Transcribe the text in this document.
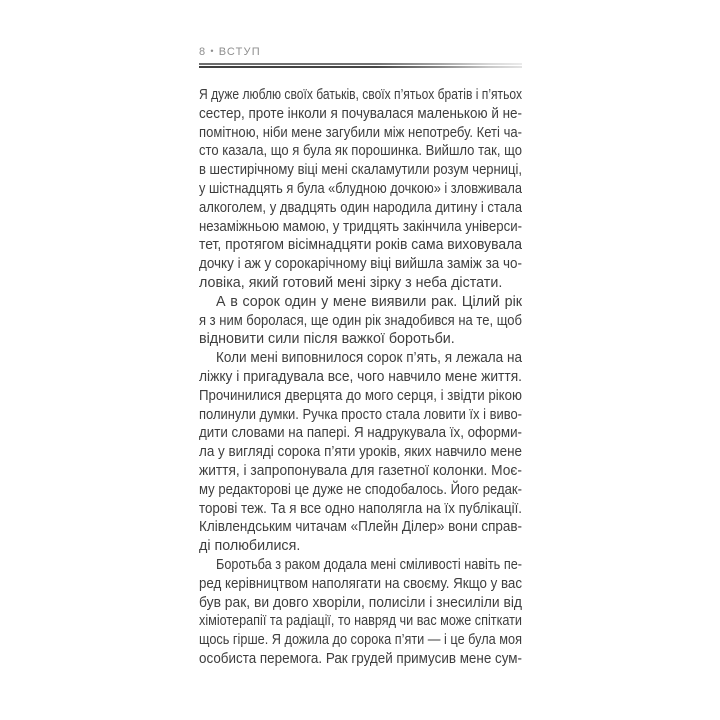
8 • ВСТУП
Я дуже люблю своїх батьків, своїх п’ятьох братів і п’ятьох
сестер, проте інколи я почувалася маленькою й не-
помітною, ніби мене загубили між непотребу. Кеті ча-
сто казала, що я була як порошинка. Вийшло так, що
в шестирічному віці мені скаламутили розум черниці,
у шістнадцять я була «блудною дочкою» і зловживала
алкоголем, у двадцять один народила дитину і стала
незаміжньою мамою, у тридцять закінчила універси-
тет, протягом вісімнадцяти років сама виховувала
дочку і аж у сорокарічному віці вийшла заміж за чо-
ловіка, який готовий мені зірку з неба дістати.
А в сорок один у мене виявили рак. Цілий рік
я з ним боролася, ще один рік знадобився на те, щоб
відновити сили після важкої боротьби.
Коли мені виповнилося сорок п’ять, я лежала на
ліжку і пригадувала все, чого навчило мене життя.
Прочинилися дверцята до мого серця, і звідти рікою
полинули думки. Ручка просто стала ловити їх і виво-
дити словами на папері. Я надрукувала їх, оформи-
ла у вигляді сорока п’яти уроків, яких навчило мене
життя, і запропонувала для газетної колонки. Моє-
му редакторові це дуже не сподобалось. Його редак-
торові теж. Та я все одно наполягла на їх публікації.
Клівлендським читачам «Плейн Ділер» вони справ-
ді полюбилися.
Боротьба з раком додала мені сміливості навіть пе-
ред керівництвом наполягати на своєму. Якщо у вас
був рак, ви довго хворіли, полисіли і знесиліли від
хіміотерапії та радіації, то навряд чи вас може спіткати
щось гірше. Я дожила до сорока п’яти — і це була моя
особиста перемога. Рак грудей примусив мене сум-
